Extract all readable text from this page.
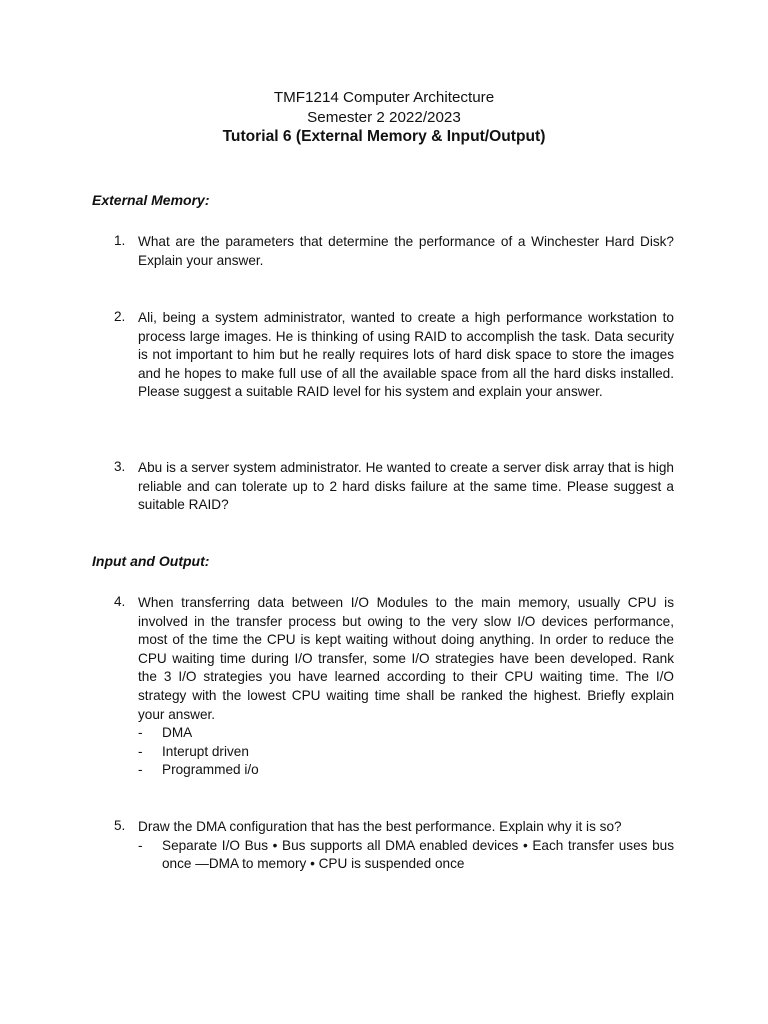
TMF1214 Computer Architecture
Semester 2 2022/2023
Tutorial 6 (External Memory & Input/Output)
External Memory:
1. What are the parameters that determine the performance of a Winchester Hard Disk? Explain your answer.
2. Ali, being a system administrator, wanted to create a high performance workstation to process large images. He is thinking of using RAID to accomplish the task. Data security is not important to him but he really requires lots of hard disk space to store the images and he hopes to make full use of all the available space from all the hard disks installed. Please suggest a suitable RAID level for his system and explain your answer.
3. Abu is a server system administrator. He wanted to create a server disk array that is high reliable and can tolerate up to 2 hard disks failure at the same time. Please suggest a suitable RAID?
Input and Output:
4. When transferring data between I/O Modules to the main memory, usually CPU is involved in the transfer process but owing to the very slow I/O devices performance, most of the time the CPU is kept waiting without doing anything. In order to reduce the CPU waiting time during I/O transfer, some I/O strategies have been developed. Rank the 3 I/O strategies you have learned according to their CPU waiting time. The I/O strategy with the lowest CPU waiting time shall be ranked the highest. Briefly explain your answer.
- DMA
- Interupt driven
- Programmed i/o
5. Draw the DMA configuration that has the best performance. Explain why it is so?
- Separate I/O Bus • Bus supports all DMA enabled devices • Each transfer uses bus once —DMA to memory • CPU is suspended once
